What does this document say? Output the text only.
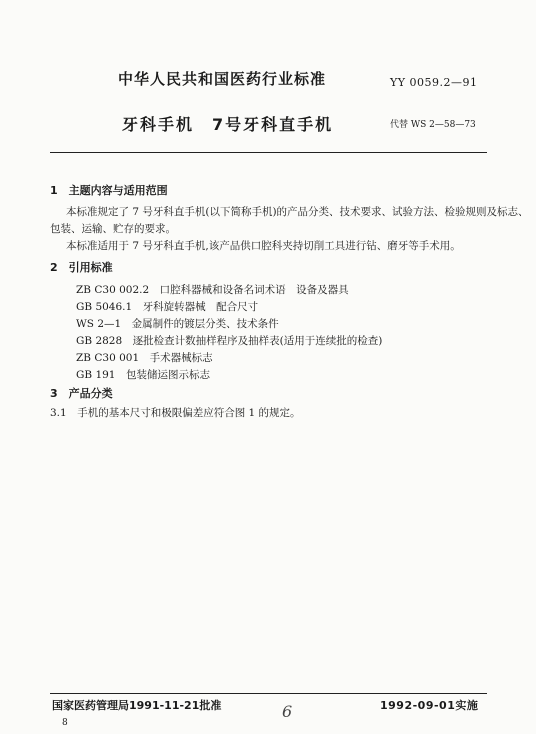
中华人民共和国医药行业标准	YY 0059.2—91
牙科手机　7号牙科直手机	代替 WS 2—58—73
1　主题内容与适用范围
本标准规定了 7 号牙科直手机(以下简称手机)的产品分类、技术要求、试验方法、检验规则及标志、
包装、运输、贮存的要求。
本标准适用于 7 号牙科直手机,该产品供口腔科夹持切削工具进行钻、磨牙等手术用。
2　引用标准
ZB C30 002.2　口腔科器械和设备名词术语　设备及器具
GB 5046.1　牙科旋转器械　配合尺寸
WS 2—1　金属制件的镀层分类、技术条件
GB 2828　逐批检查计数抽样程序及抽样表(适用于连续批的检查)
ZB C30 001　手术器械标志
GB 191　包装储运图示标志
3　产品分类
3.1　手机的基本尺寸和极限偏差应符合图 1 的规定。
国家医药管理局1991-11-21批准	1992-09-01实施
6
8
